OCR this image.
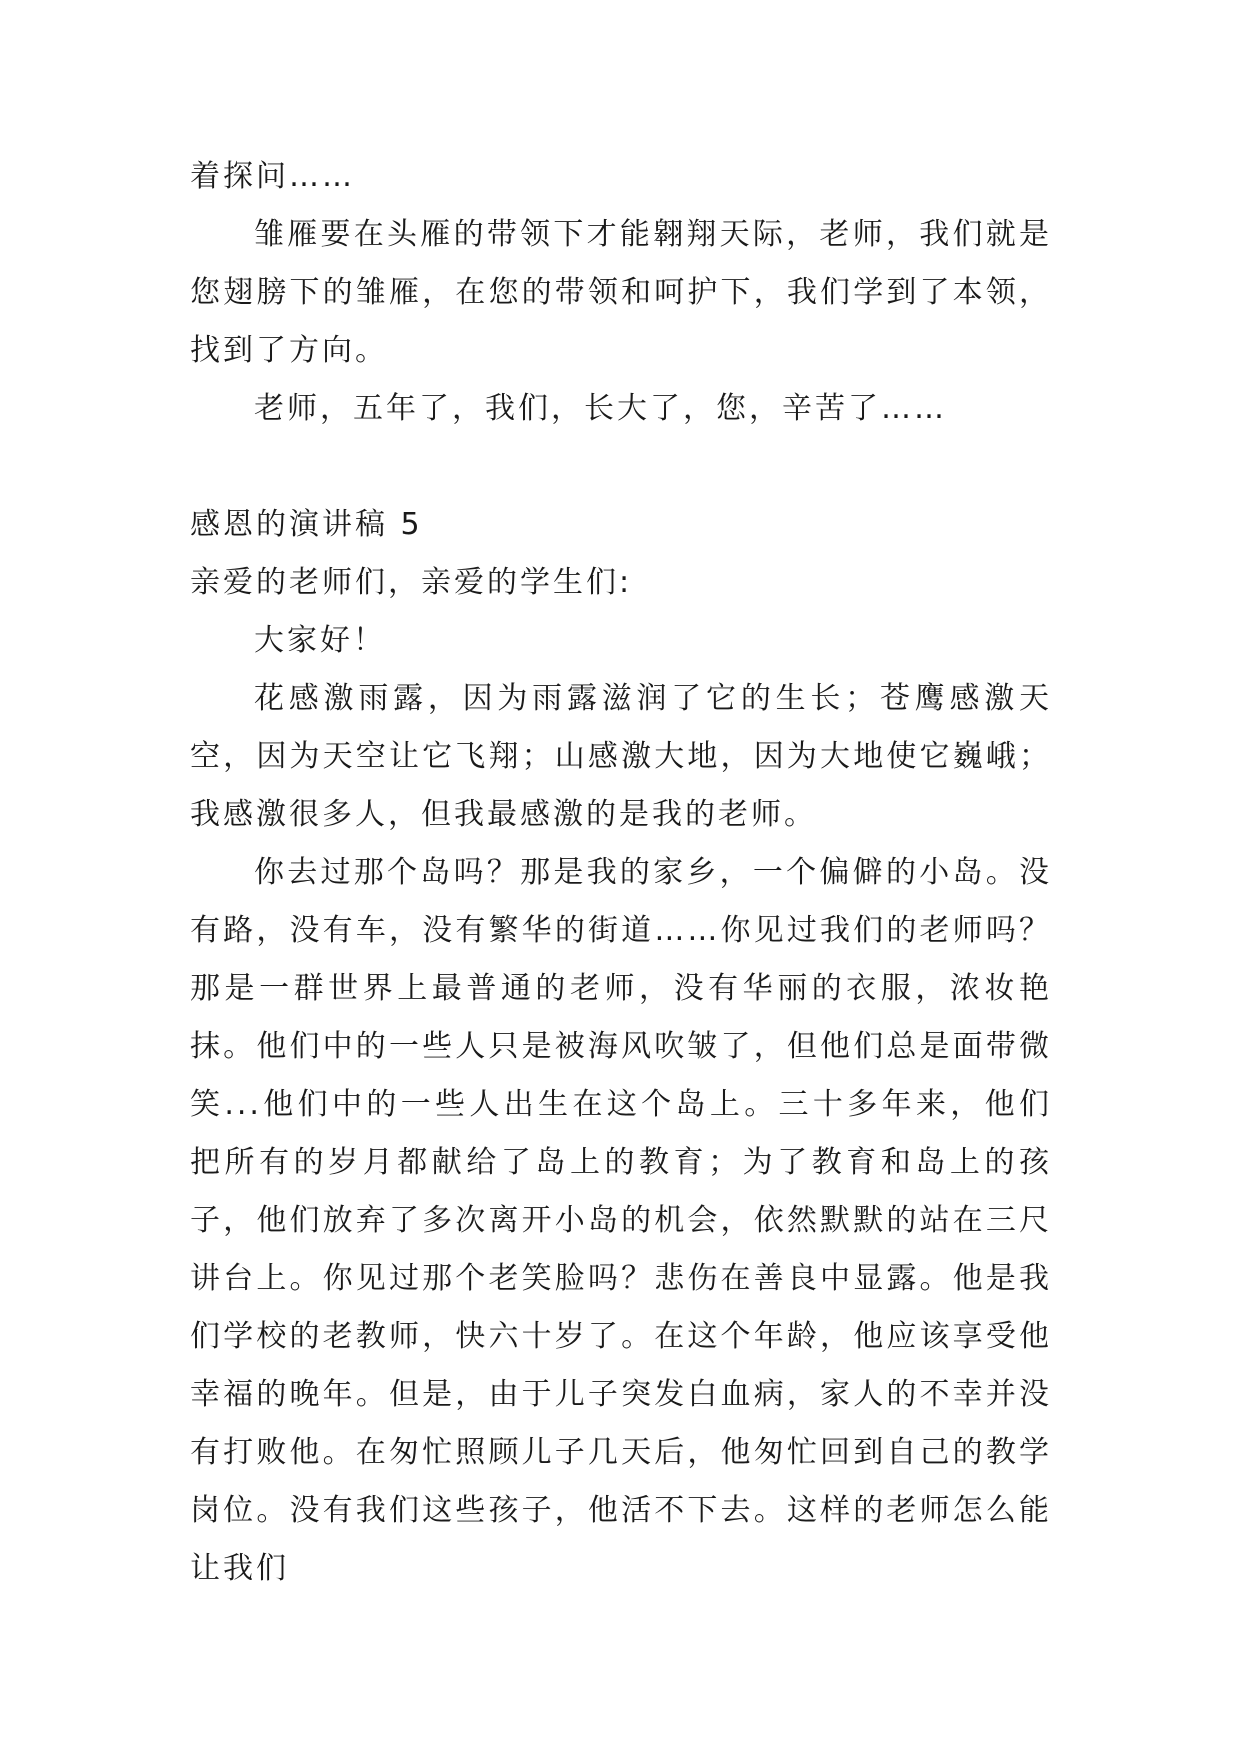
着探问……

雏雁要在头雁的带领下才能翱翔天际，老师，我们就是您翅膀下的雏雁，在您的带领和呵护下，我们学到了本领，找到了方向。

老师，五年了，我们，长大了，您，辛苦了……

感恩的演讲稿 5

亲爱的老师们，亲爱的学生们:

大家好！

花感激雨露，因为雨露滋润了它的生长；苍鹰感激天空，因为天空让它飞翔；山感激大地，因为大地使它巍峨；我感激很多人，但我最感激的是我的老师。

你去过那个岛吗？那是我的家乡，一个偏僻的小岛。没有路，没有车，没有繁华的街道……你见过我们的老师吗？那是一群世界上最普通的老师，没有华丽的衣服，浓妆艳抹。他们中的一些人只是被海风吹皱了，但他们总是面带微笑...他们中的一些人出生在这个岛上。三十多年来，他们把所有的岁月都献给了岛上的教育；为了教育和岛上的孩子，他们放弃了多次离开小岛的机会，依然默默的站在三尺讲台上。你见过那个老笑脸吗？悲伤在善良中显露。他是我们学校的老教师，快六十岁了。在这个年龄，他应该享受他幸福的晚年。但是，由于儿子突发白血病，家人的不幸并没有打败他。在匆忙照顾儿子几天后，他匆忙回到自己的教学岗位。没有我们这些孩子，他活不下去。这样的老师怎么能让我们
